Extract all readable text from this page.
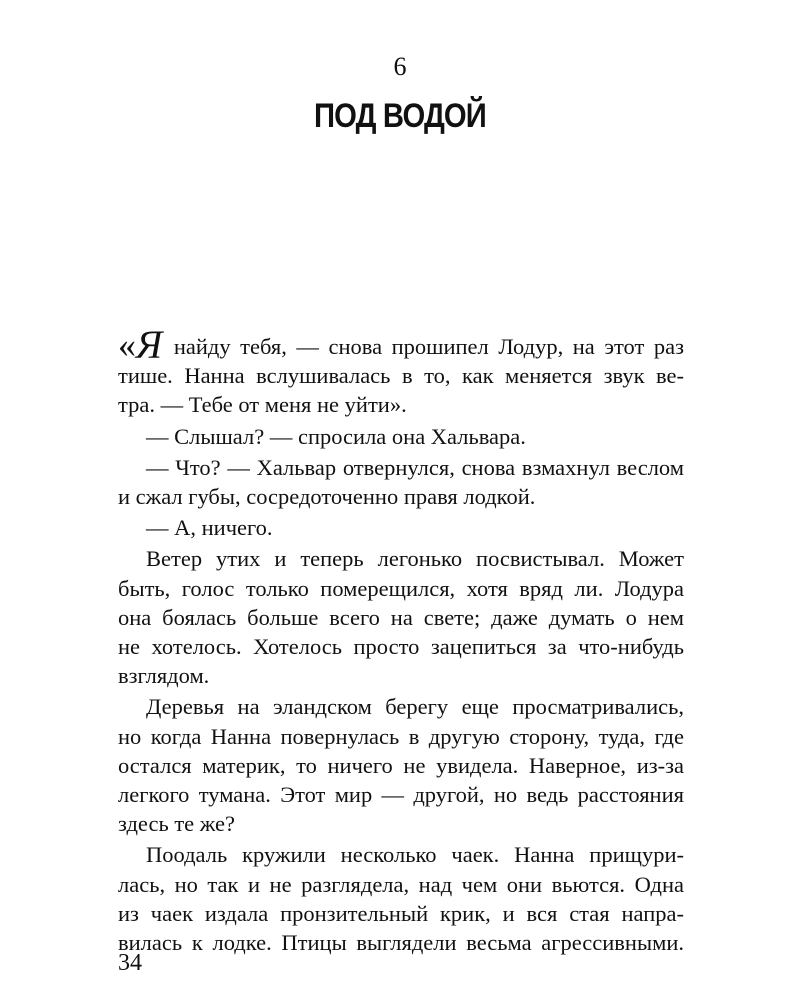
6
ПОД ВОДОЙ
«Я найду тебя, — снова прошипел Лодур, на этот раз
тише. Нанна вслушивалась в то, как меняется звук ве-
тра. — Тебе от меня не уйти».
— Слышал? — спросила она Хальвара.
— Что? — Хальвар отвернулся, снова взмахнул веслом
и сжал губы, сосредоточенно правя лодкой.
— А, ничего.
Ветер утих и теперь легонько посвистывал. Может
быть, голос только померещился, хотя вряд ли. Лодура
она боялась больше всего на свете; даже думать о нем
не хотелось. Хотелось просто зацепиться за что-нибудь
взглядом.
Деревья на эландском берегу еще просматривались,
но когда Нанна повернулась в другую сторону, туда, где
остался материк, то ничего не увидела. Наверное, из-за
легкого тумана. Этот мир — другой, но ведь расстояния
здесь те же?
Поодаль кружили несколько чаек. Нанна прищури-
лась, но так и не разглядела, над чем они вьются. Одна
из чаек издала пронзительный крик, и вся стая напра-
вилась к лодке. Птицы выглядели весьма агрессивными.
34
